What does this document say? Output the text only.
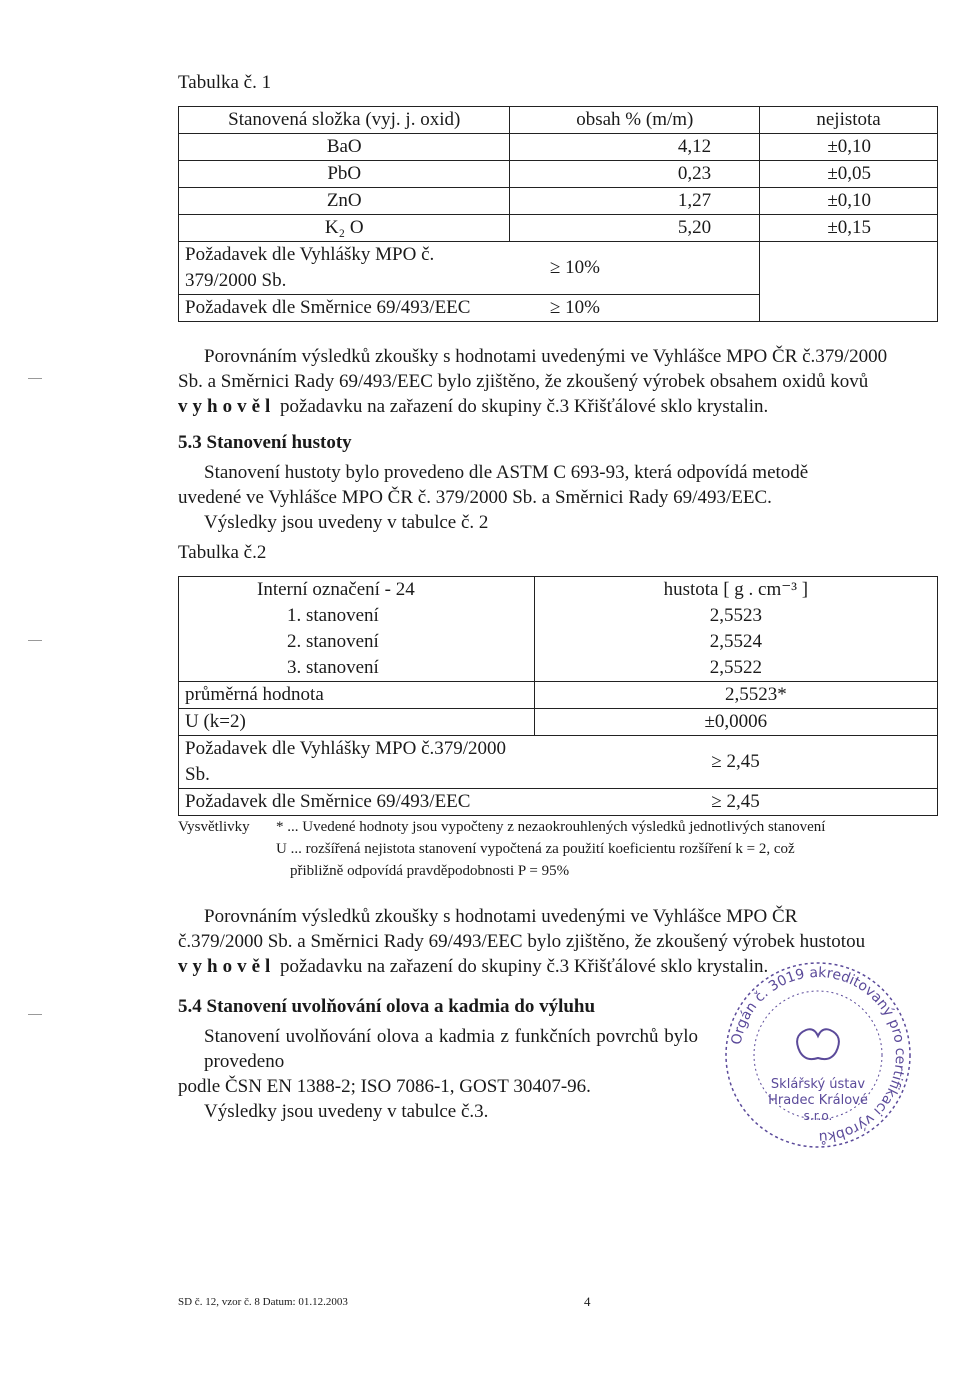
Tabulka č. 1
Stanovená složka (vyj. j. oxid)	obsah % (m/m)	nejistota
BaO	4,12	±0,10
PbO	0,23	±0,05
ZnO	1,27	±0,10
K₂ O	5,20	±0,15
Požadavek dle Vyhlášky MPO č. 379/2000 Sb.	≥ 10%	
Požadavek dle Směrnice 69/493/EEC	≥ 10%	
Porovnáním výsledků zkoušky s hodnotami uvedenými ve Vyhlášce MPO ČR č.379/2000
Sb. a Směrnici Rady 69/493/EEC bylo zjištěno, že zkoušený výrobek obsahem oxidů kovů
vyhověl požadavku na zařazení do skupiny č.3 Křišťálové sklo krystalin.
5.3 Stanovení hustoty
Stanovení hustoty bylo provedeno dle ASTM C 693-93, která odpovídá metodě
uvedené ve Vyhlášce MPO ČR č. 379/2000 Sb. a Směrnici Rady 69/493/EEC.
Výsledky jsou uvedeny v tabulce č. 2
Tabulka č.2
Interní označení - 24	hustota [ g . cm⁻³ ]
1. stanovení	2,5523
2. stanovení	2,5524
3. stanovení	2,5522
průměrná hodnota	2,5523*
U (k=2)	±0,0006
Požadavek dle Vyhlášky MPO č.379/2000 Sb.	≥ 2,45
Požadavek dle Směrnice 69/493/EEC	≥ 2,45
Vysvětlivky * ... Uvedené hodnoty jsou vypočteny z nezaokrouhlených výsledků jednotlivých stanovení
U ... rozšířená nejistota stanovení vypočtená za použití koeficientu rozšíření k = 2, což
přibližně odpovídá pravděpodobnosti P = 95%
Porovnáním výsledků zkoušky s hodnotami uvedenými ve Vyhlášce MPO ČR
č.379/2000 Sb. a Směrnici Rady 69/493/EEC bylo zjištěno, že zkoušený výrobek hustotou
vyhověl požadavku na zařazení do skupiny č.3 Křišťálové sklo krystalin.
5.4 Stanovení uvolňování olova a kadmia do výluhu
Stanovení uvolňování olova a kadmia z funkčních povrchů bylo provedeno
podle ČSN EN 1388-2; ISO 7086-1, GOST 30407-96.
Výsledky jsou uvedeny v tabulce č.3.
Orgán č. 3019 akreditovaný pro certifikaci výrobků
Sklářský ústav
Hradec Králové
s.r.o.
SD č. 12, vzor č. 8 Datum: 01.12.2003	4
